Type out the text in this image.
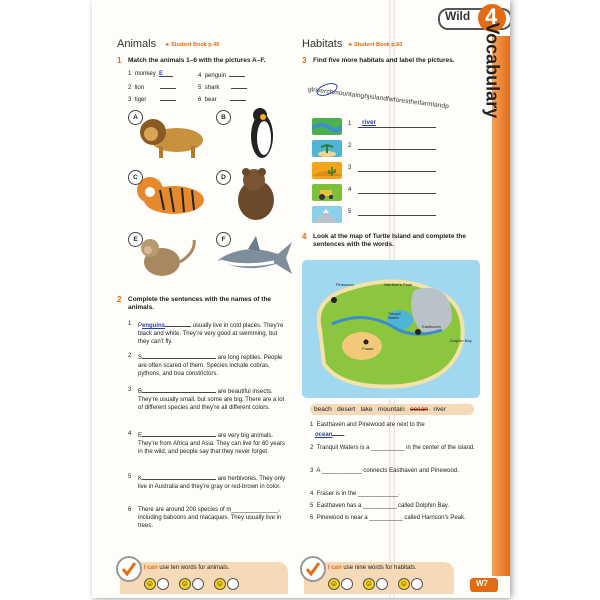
Wild 4
Vocabulary
Animals ◄ Student Book p.46
1 Match the animals 1–6 with the pictures A–F.
1 monkey E
2 lion
3 tiger
4 penguin
5 shark
6 bear
A	B
C	D
E	F
2 Complete the sentences with the names of the animals.
1 Penguins	usually live in cold places. They’re black and white. They’re very good at swimming, but they can’t fly.
2 S	are long reptiles. People are often scared of them. Species include cobras, pythons, and boa constrictors.
3 B	are beautiful insects. They’re usually small, but some are big. There are a lot of different species and they’re all different colors.
4 E	are very big animals. They’re from Africa and Asia. They can live for 60 years in the wild, and people say that they never forget.
5 K	are herbivores. They only live in Australia and they’re gray or red-brown in color.
6 There are around 200 species of m______________, including baboons and macaques. They usually live in trees.
I can use ten words for animals.
☺	☺	☺
Habitats ◄ Student Book p.50
3 Find five more habitats and label the pictures.
glriverchmountainghjislandfwforestheifarmlandp
1
2
3
4
5
river
4 Look at the map of Turtle Island and complete the sentences with the words.
Pinewood	Harrison’s Peak
Tranquil Waters
Easthaven
Dolphin Bay
Fraser
beach desert lake mountain ocean river
1 Easthaven and Pinewood are next to the
ocean .
2 Tranquil Waters is a __________ in the center of the island.
3 A ____________ connects Easthaven and Pinewood.
4 Fraser is in the ____________.
5 Easthaven has a __________ called Dolphin Bay.
6 Pinewood is near a __________ called Harrison’s Peak.
I can use nine words for habitats.
☺	☺	☺	W7
